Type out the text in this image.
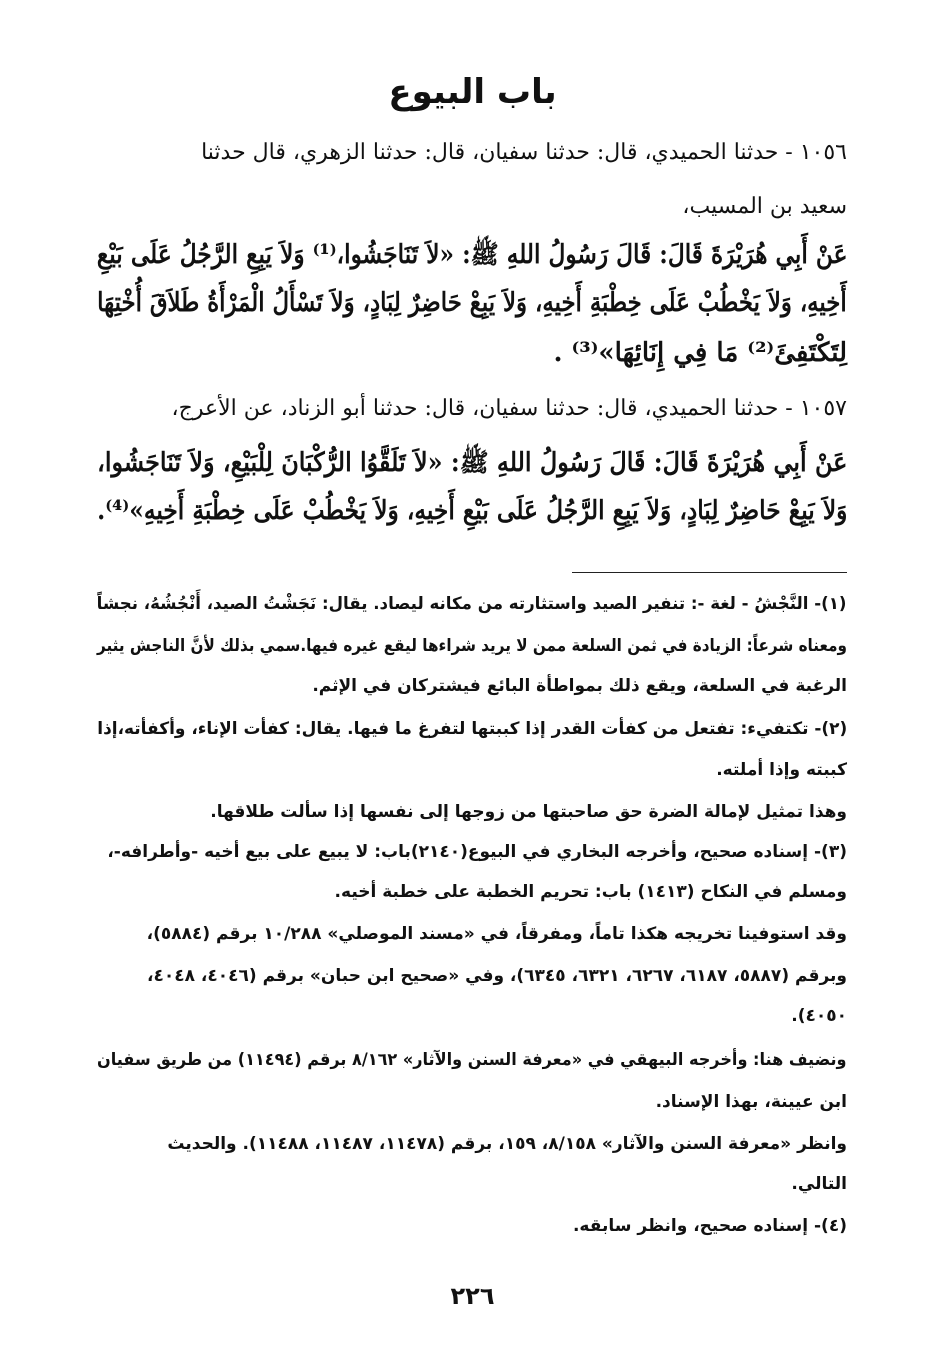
باب البيوع
١٠٥٦ - حدثنا الحميدي، قال: حدثنا سفيان، قال: حدثنا الزهري، قال حدثنا
سعيد بن المسيب،
عَنْ أَبِي هُرَيْرَةَ قَالَ: قَالَ رَسُولُ اللهِ ﷺ: «لاَ تَنَاجَشُوا،⁽¹⁾ وَلاَ يَبِعِ الرَّجُلُ عَلَى بَيْعِ
أَخِيهِ، وَلاَ يَخْطُبْ عَلَى خِطْبَةِ أَخِيهِ، وَلاَ يَبِعْ حَاضِرٌ لِبَادٍ، وَلاَ تَسْأَلُ الْمَرْأَةُ طَلاَقَ أُخْتِهَا
لِتَكْتَفِئَ⁽²⁾ مَا فِي إِنَائِهَا»⁽³⁾ .
١٠٥٧ - حدثنا الحميدي، قال: حدثنا سفيان، قال: حدثنا أبو الزناد، عن الأعرج،
عَنْ أَبِي هُرَيْرَةَ قَالَ: قَالَ رَسُولُ اللهِ ﷺ: «لاَ تَلَقَّوُا الرُّكْبَانَ لِلْبَيْعِ، وَلاَ تَنَاجَشُوا،
وَلاَ يَبِعْ حَاضِرٌ لِبَادٍ، وَلاَ يَبِعِ الرَّجُلُ عَلَى بَيْعِ أَخِيهِ، وَلاَ يَخْطُبْ عَلَى خِطْبَةِ أَخِيهِ»⁽⁴⁾.
(١)- النَّجْشُ - لغة -: تنفير الصيد واستثارته من مكانه ليصاد. يقال: نَجَشْتُ الصيد، أَنْجُشُهُ، نجشاً
ومعناه شرعاً: الزيادة في ثمن السلعة ممن لا يريد شراءها ليقع غيره فيها.سمي بذلك لأنَّ الناجش يثير
الرغبة في السلعة، ويقع ذلك بمواطأة البائع فيشتركان في الإثم.
(٢)- تكتفيء: تفتعل من كفأت القدر إذا كببتها لتفرغ ما فيها. يقال: كفأت الإناء، وأكفأته،إذا
كببته وإذا أملته.
وهذا تمثيل لإمالة الضرة حق صاحبتها من زوجها إلى نفسها إذا سألت طلاقها.
(٣)- إسناده صحيح، وأخرجه البخاري في البيوع(٢١٤٠)باب: لا يبيع على بيع أخيه -وأطرافه-،
ومسلم في النكاح (١٤١٣) باب: تحريم الخطبة على خطبة أخيه.
وقد استوفينا تخريجه هكذا تاماً، ومفرقاً، في «مسند الموصلي» ١٠/٢٨٨ برقم (٥٨٨٤)،
وبرقم (٥٨٨٧، ٦١٨٧، ٦٢٦٧، ٦٣٢١، ٦٣٤٥)، وفي «صحيح ابن حبان» برقم (٤٠٤٦، ٤٠٤٨،
٤٠٥٠).
ونضيف هنا: وأخرجه البيهقي في «معرفة السنن والآثار» ٨/١٦٢ برقم (١١٤٩٤) من طريق سفيان
ابن عيينة، بهذا الإسناد.
وانظر «معرفة السنن والآثار» ٨/١٥٨، ١٥٩، برقم (١١٤٧٨، ١١٤٨٧، ١١٤٨٨). والحديث
التالي.
(٤)- إسناده صحيح، وانظر سابقه.
٢٢٦
